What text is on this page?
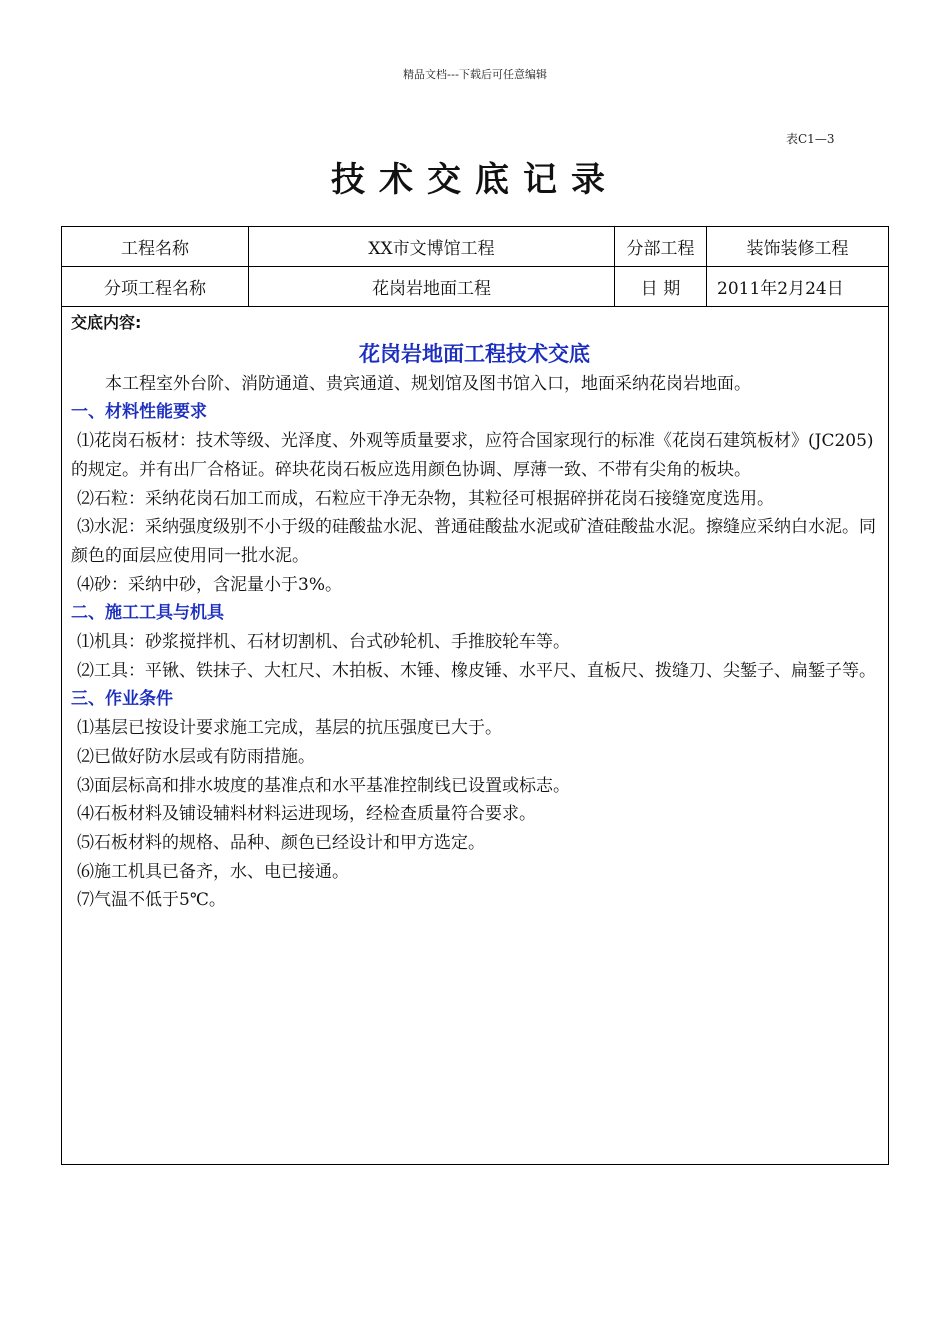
精品文档---下载后可任意编辑
表C1—3
技术交底记录
工程名称	XX市文博馆工程	分部工程	装饰装修工程
分项工程名称	花岗岩地面工程	日 期	2011年2月24日

交底内容:

花岗岩地面工程技术交底

本工程室外台阶、消防通道、贵宾通道、规划馆及图书馆入口，地面采纳花岗岩地面。

一、材料性能要求

⑴花岗石板材：技术等级、光泽度、外观等质量要求，应符合国家现行的标准《花岗石建筑板材》(JC205)的规定。并有出厂合格证。碎块花岗石板应选用颜色协调、厚薄一致、不带有尖角的板块。

⑵石粒：采纳花岗石加工而成，石粒应干净无杂物，其粒径可根据碎拼花岗石接缝宽度选用。

⑶水泥：采纳强度级别不小于级的硅酸盐水泥、普通硅酸盐水泥或矿渣硅酸盐水泥。擦缝应采纳白水泥。同颜色的面层应使用同一批水泥。

⑷砂：采纳中砂，含泥量小于3%。

二、施工工具与机具

⑴机具：砂浆搅拌机、石材切割机、台式砂轮机、手推胶轮车等。

⑵工具：平锹、铁抹子、大杠尺、木拍板、木锤、橡皮锤、水平尺、直板尺、拨缝刀、尖錾子、扁錾子等。

三、作业条件

⑴基层已按设计要求施工完成，基层的抗压强度已大于。

⑵已做好防水层或有防雨措施。

⑶面层标高和排水坡度的基准点和水平基准控制线已设置或标志。

⑷石板材料及铺设辅料材料运进现场，经检查质量符合要求。

⑸石板材料的规格、品种、颜色已经设计和甲方选定。

⑹施工机具已备齐，水、电已接通。

⑺气温不低于5℃。
